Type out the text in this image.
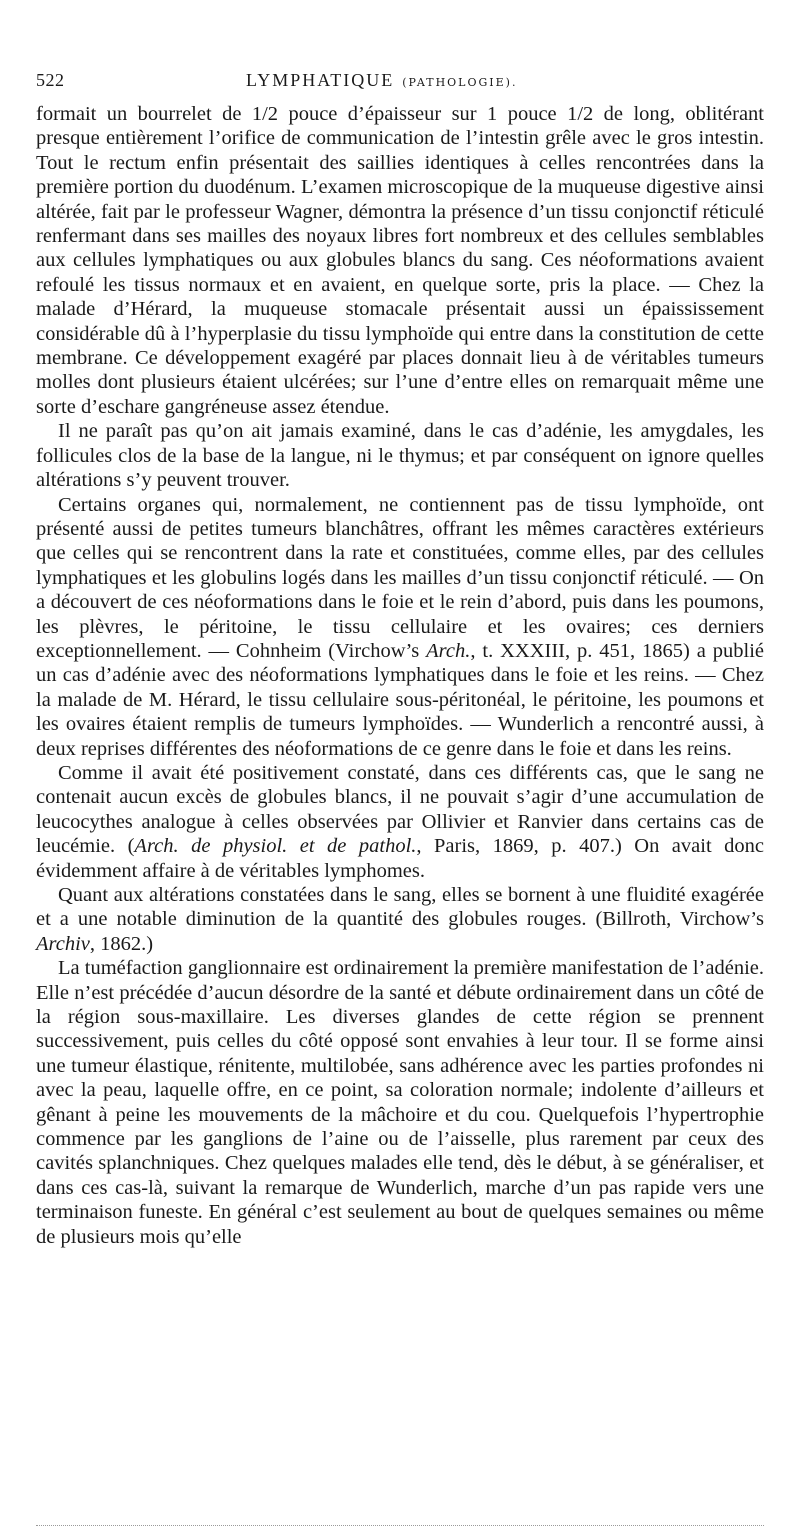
522	LYMPHATIQUE (PATHOLOGIE).

formait un bourrelet de 1/2 pouce d’épaisseur sur 1 pouce 1/2 de long, oblitérant presque entièrement l’orifice de communication de l’intestin grêle avec le gros intestin. Tout le rectum enfin présentait des saillies identiques à celles rencontrées dans la première portion du duodénum. L’examen microscopique de la muqueuse digestive ainsi altérée, fait par le professeur Wagner, démontra la présence d’un tissu conjonctif réticulé renfermant dans ses mailles des noyaux libres fort nombreux et des cellules semblables aux cellules lymphatiques ou aux globules blancs du sang. Ces néoformations avaient refoulé les tissus normaux et en avaient, en quelque sorte, pris la place. — Chez la malade d’Hérard, la muqueuse stomacale présentait aussi un épaississement considérable dû à l’hyperplasie du tissu lymphoïde qui entre dans la constitution de cette membrane. Ce développement exagéré par places donnait lieu à de véritables tumeurs molles dont plusieurs étaient ulcérées; sur l’une d’entre elles on remarquait même une sorte d’eschare gangréneuse assez étendue.

Il ne paraît pas qu’on ait jamais examiné, dans le cas d’adénie, les amygdales, les follicules clos de la base de la langue, ni le thymus; et par conséquent on ignore quelles altérations s’y peuvent trouver.

Certains organes qui, normalement, ne contiennent pas de tissu lymphoïde, ont présenté aussi de petites tumeurs blanchâtres, offrant les mêmes caractères extérieurs que celles qui se rencontrent dans la rate et constituées, comme elles, par des cellules lymphatiques et les globulins logés dans les mailles d’un tissu conjonctif réticulé. — On a découvert de ces néoformations dans le foie et le rein d’abord, puis dans les poumons, les plèvres, le péritoine, le tissu cellulaire et les ovaires; ces derniers exceptionnellement. — Cohnheim (Virchow’s Arch., t. XXXIII, p. 451, 1865) a publié un cas d’adénie avec des néoformations lymphatiques dans le foie et les reins. — Chez la malade de M. Hérard, le tissu cellulaire sous-péritonéal, le péritoine, les poumons et les ovaires étaient remplis de tumeurs lymphoïdes. — Wunderlich a rencontré aussi, à deux reprises différentes des néoformations de ce genre dans le foie et dans les reins.

Comme il avait été positivement constaté, dans ces différents cas, que le sang ne contenait aucun excès de globules blancs, il ne pouvait s’agir d’une accumulation de leucocythes analogue à celles observées par Ollivier et Ranvier dans certains cas de leucémie. (Arch. de physiol. et de pathol., Paris, 1869, p. 407.) On avait donc évidemment affaire à de véritables lymphomes.

Quant aux altérations constatées dans le sang, elles se bornent à une fluidité exagérée et a une notable diminution de la quantité des globules rouges. (Billroth, Virchow’s Archiv, 1862.)

La tuméfaction ganglionnaire est ordinairement la première manifestation de l’adénie. Elle n’est précédée d’aucun désordre de la santé et débute ordinairement dans un côté de la région sous-maxillaire. Les diverses glandes de cette région se prennent successivement, puis celles du côté opposé sont envahies à leur tour. Il se forme ainsi une tumeur élastique, rénitente, multilobée, sans adhérence avec les parties profondes ni avec la peau, laquelle offre, en ce point, sa coloration normale; indolente d’ailleurs et gênant à peine les mouvements de la mâchoire et du cou. Quelquefois l’hypertrophie commence par les ganglions de l’aine ou de l’aisselle, plus rarement par ceux des cavités splanchniques. Chez quelques malades elle tend, dès le début, à se généraliser, et dans ces cas-là, suivant la remarque de Wunderlich, marche d’un pas rapide vers une terminaison funeste. En général c’est seulement au bout de quelques semaines ou même de plusieurs mois qu’elle
